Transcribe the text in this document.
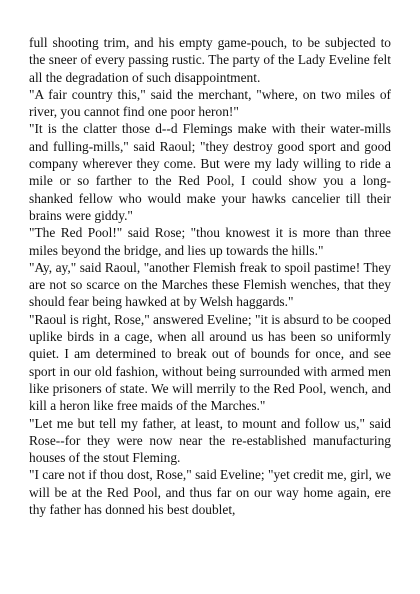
full shooting trim, and his empty game-pouch, to be subjected to the sneer of every passing rustic. The party of the Lady Eveline felt all the degradation of such disappointment.

"A fair country this," said the merchant, "where, on two miles of river, you cannot find one poor heron!"

"It is the clatter those d--d Flemings make with their water-mills and fulling-mills," said Raoul; "they destroy good sport and good company wherever they come. But were my lady willing to ride a mile or so farther to the Red Pool, I could show you a long- shanked fellow who would make your hawks cancelier till their brains were giddy."

"The Red Pool!" said Rose; "thou knowest it is more than three miles beyond the bridge, and lies up towards the hills."

"Ay, ay," said Raoul, "another Flemish freak to spoil pastime! They are not so scarce on the Marches these Flemish wenches, that they should fear being hawked at by Welsh haggards."

"Raoul is right, Rose," answered Eveline; "it is absurd to be cooped uplike birds in a cage, when all around us has been so uniformly quiet. I am determined to break out of bounds for once, and see sport in our old fashion, without being surrounded with armed men like prisoners of state. We will merrily to the Red Pool, wench, and kill a heron like free maids of the Marches."

"Let me but tell my father, at least, to mount and follow us," said Rose--for they were now near the re-established manufacturing houses of the stout Fleming.

"I care not if thou dost, Rose," said Eveline; "yet credit me, girl, we will be at the Red Pool, and thus far on our way home again, ere thy father has donned his best doublet,
